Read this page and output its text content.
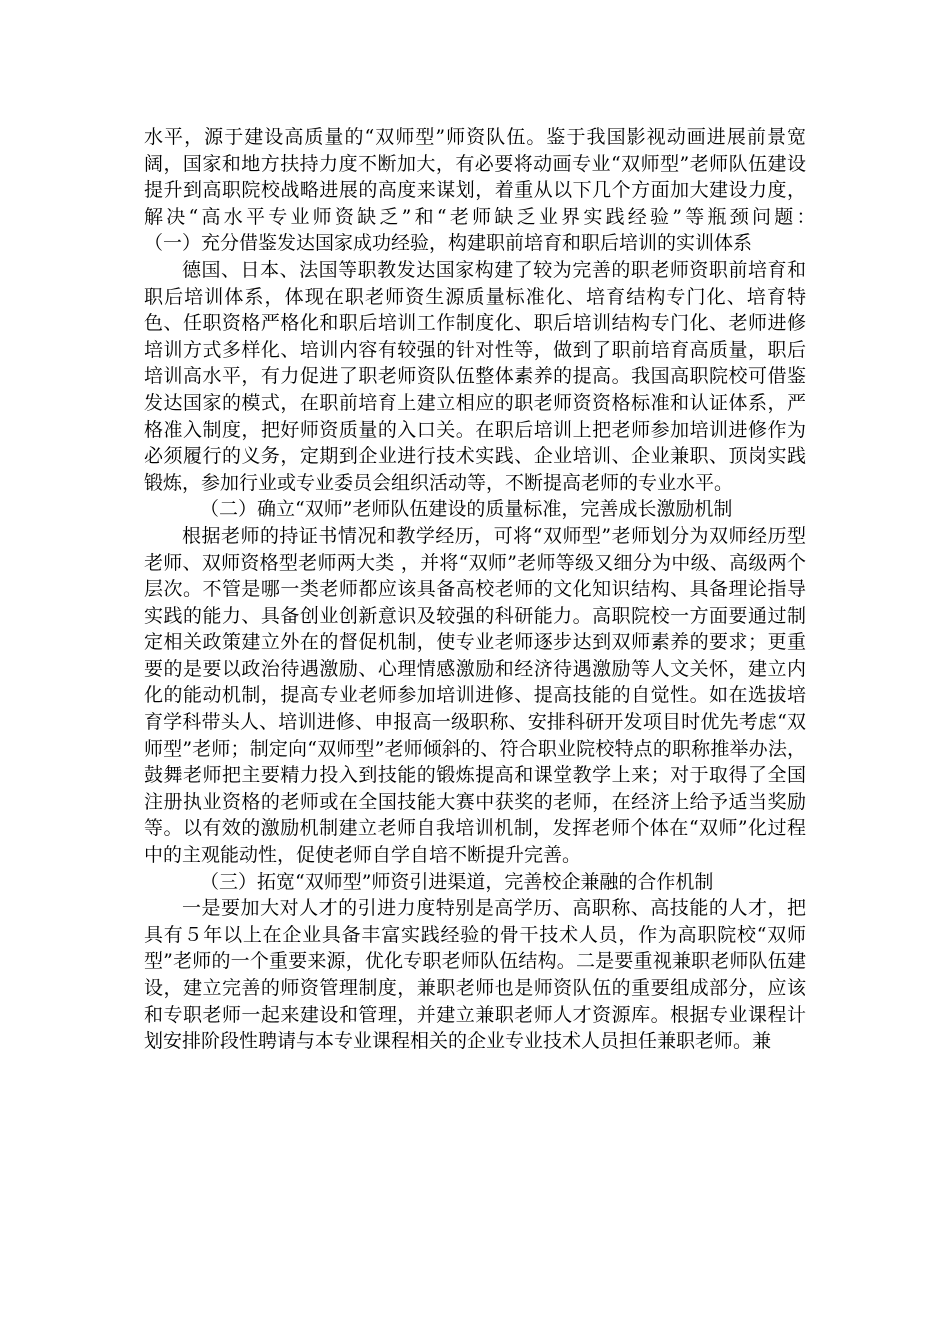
水平，源于建设高质量的“双师型”师资队伍。鉴于我国影视动画进展前景宽阔，国家和地方扶持力度不断加大，有必要将动画专业“双师型”老师队伍建设提升到高职院校战略进展的高度来谋划，着重从以下几个方面加大建设力度，解决“高水平专业师资缺乏”和“老师缺乏业界实践经验”等瓶颈问题：　　　　（一）充分借鉴发达国家成功经验，构建职前培育和职后培训的实训体系

德国、日本、法国等职教发达国家构建了较为完善的职老师资职前培育和职后培训体系，体现在职老师资生源质量标准化、培育结构专门化、培育特色、任职资格严格化和职后培训工作制度化、职后培训结构专门化、老师进修培训方式多样化、培训内容有较强的针对性等，做到了职前培育高质量，职后培训高水平，有力促进了职老师资队伍整体素养的提高。我国高职院校可借鉴发达国家的模式，在职前培育上建立相应的职老师资资格标准和认证体系，严格准入制度，把好师资质量的入口关。在职后培训上把老师参加培训进修作为必须履行的义务，定期到企业进行技术实践、企业培训、企业兼职、顶岗实践锻炼，参加行业或专业委员会组织活动等，不断提高老师的专业水平。

（二）确立“双师”老师队伍建设的质量标准，完善成长激励机制

根据老师的持证书情况和教学经历，可将“双师型”老师划分为双师经历型老师、双师资格型老师两大类 ，并将“双师”老师等级又细分为中级、高级两个层次。不管是哪一类老师都应该具备高校老师的文化知识结构、具备理论指导实践的能力、具备创业创新意识及较强的科研能力。高职院校一方面要通过制定相关政策建立外在的督促机制，使专业老师逐步达到双师素养的要求；更重要的是要以政治待遇激励、心理情感激励和经济待遇激励等人文关怀，建立内化的能动机制，提高专业老师参加培训进修、提高技能的自觉性。如在选拔培育学科带头人、培训进修、申报高一级职称、安排科研开发项目时优先考虑“双师型”老师；制定向“双师型”老师倾斜的、符合职业院校特点的职称推举办法，鼓舞老师把主要精力投入到技能的锻炼提高和课堂教学上来；对于取得了全国注册执业资格的老师或在全国技能大赛中获奖的老师，在经济上给予适当奖励等。以有效的激励机制建立老师自我培训机制，发挥老师个体在“双师”化过程中的主观能动性，促使老师自学自培不断提升完善。

（三）拓宽“双师型”师资引进渠道，完善校企兼融的合作机制

一是要加大对人才的引进力度特别是高学历、高职称、高技能的人才，把具有５年以上在企业具备丰富实践经验的骨干技术人员，作为高职院校“双师型”老师的一个重要来源，优化专职老师队伍结构。二是要重视兼职老师队伍建设，建立完善的师资管理制度，兼职老师也是师资队伍的重要组成部分，应该和专职老师一起来建设和管理，并建立兼职老师人才资源库。根据专业课程计划安排阶段性聘请与本专业课程相关的企业专业技术人员担任兼职老师。兼
